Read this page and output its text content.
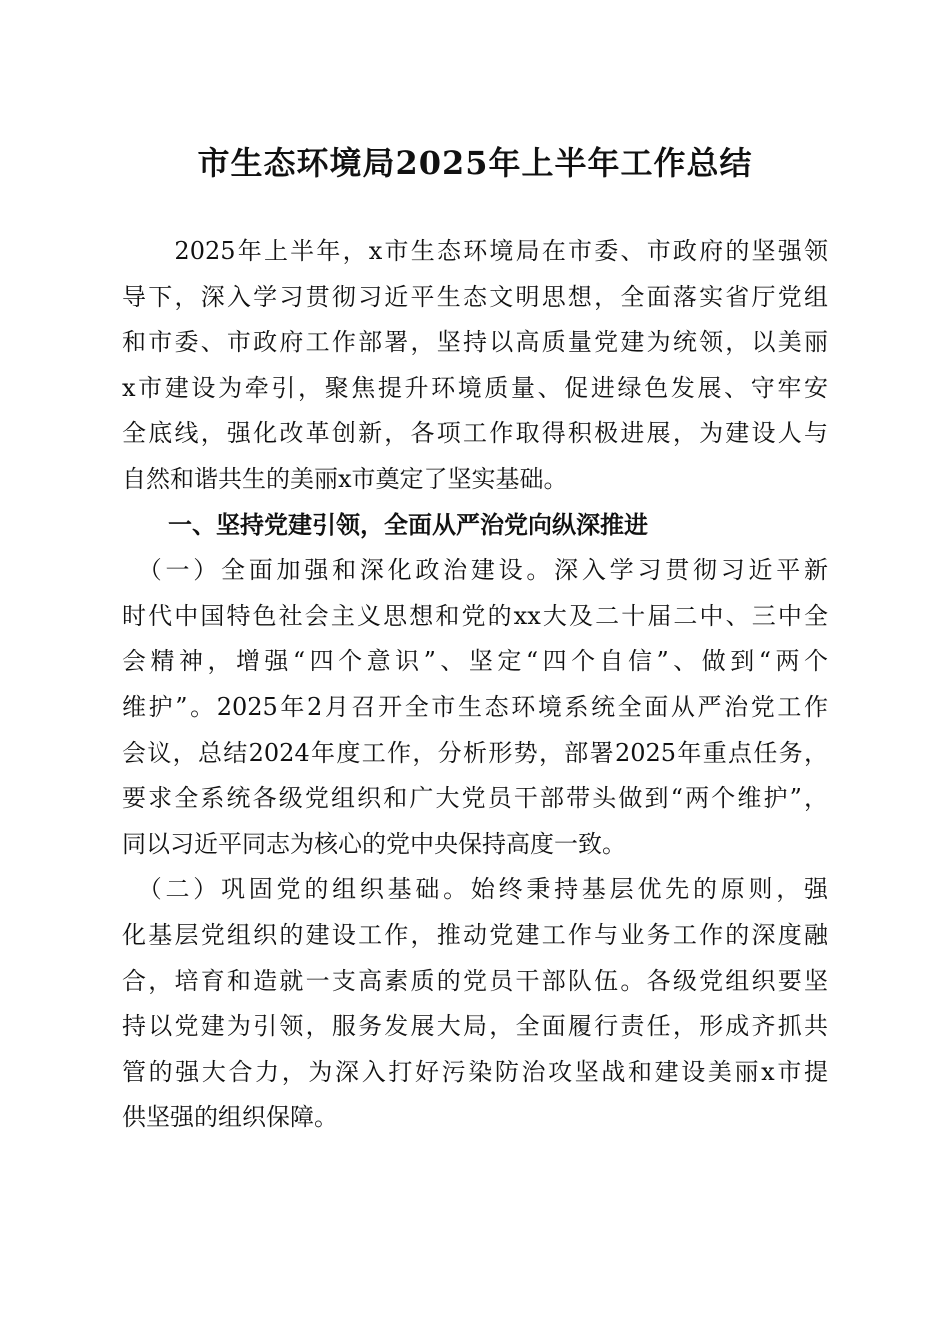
市生态环境局2025年上半年工作总结
　　2025年上半年，x市生态环境局在市委、市政府的坚强领
导下，深入学习贯彻习近平生态文明思想，全面落实省厅党组
和市委、市政府工作部署，坚持以高质量党建为统领，以美丽
x市建设为牵引，聚焦提升环境质量、促进绿色发展、守牢安
全底线，强化改革创新，各项工作取得积极进展，为建设人与
自然和谐共生的美丽x市奠定了坚实基础。
一、坚持党建引领，全面从严治党向纵深推进
　（一）全面加强和深化政治建设。深入学习贯彻习近平新
时代中国特色社会主义思想和党的xx大及二十届二中、三中全
会精神，增强“四个意识”、坚定“四个自信”、做到“两个
维护”。2025年2月召开全市生态环境系统全面从严治党工作
会议，总结2024年度工作，分析形势，部署2025年重点任务，
要求全系统各级党组织和广大党员干部带头做到“两个维护”，
同以习近平同志为核心的党中央保持高度一致。
　（二）巩固党的组织基础。始终秉持基层优先的原则，强
化基层党组织的建设工作，推动党建工作与业务工作的深度融
合，培育和造就一支高素质的党员干部队伍。各级党组织要坚
持以党建为引领，服务发展大局，全面履行责任，形成齐抓共
管的强大合力，为深入打好污染防治攻坚战和建设美丽x市提
供坚强的组织保障。
